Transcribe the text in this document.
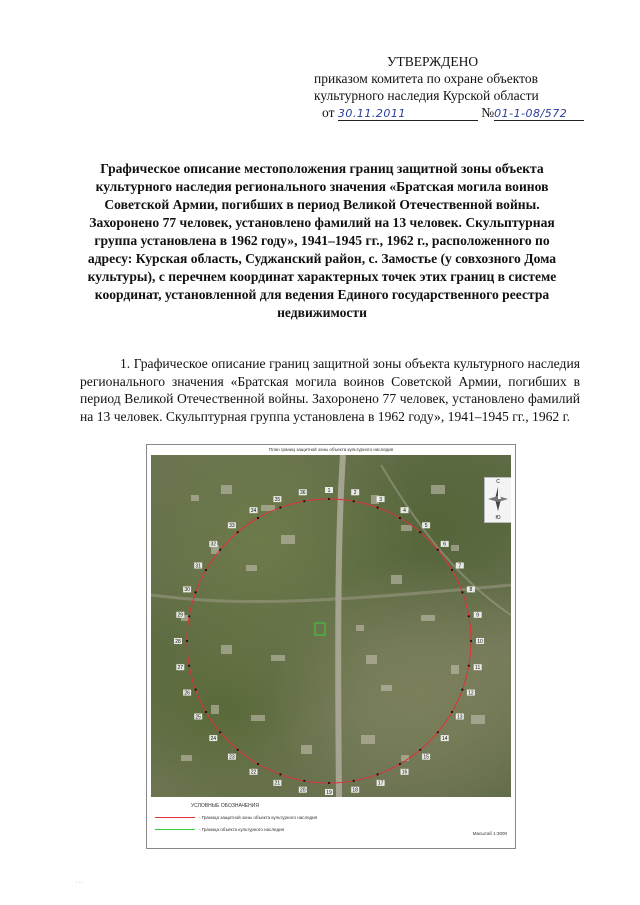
УТВЕРЖДЕНО
приказом комитета по охране объектов
культурного наследия Курской области
от 30.11.2011	№01-1-08/572
Графическое описание местоположения границ защитной зоны объекта культурного наследия регионального значения «Братская могила воинов Советской Армии, погибших в период Великой Отечественной войны. Захоронено 77 человек, установлено фамилий на 13 человек. Скульптурная группа установлена в 1962 году», 1941–1945 гг., 1962 г., расположенного по адресу: Курская область, Суджанский район, с. Замостье (у совхозного Дома культуры), с перечнем координат характерных точек этих границ в системе координат, установленной для ведения Единого государственного реестра недвижимости
1. Графическое описание границ защитной зоны объекта культурного наследия регионального значения «Братская могила воинов Советской Армии, погибших в период Великой Отечественной войны. Захоронено 77 человек, установлено фамилий на 13 человек. Скульптурная группа установлена в 1962 году», 1941–1945 гг., 1962 г.
План границ защитной зоны объекта культурного наследия
1	2
3
4
5
6
7
8
9
10
11
12
13
14
15
16
17
18
19
20
21
22
23
24
25
26
27
28
29
30
31
32
33
34
35
36
С
Ю
УСЛОВНЫЕ ОБОЗНАЧЕНИЯ
- Граница защитной зоны объекта культурного наследия
- Граница объекта культурного наследия
Масштаб 1:3000
· ··
